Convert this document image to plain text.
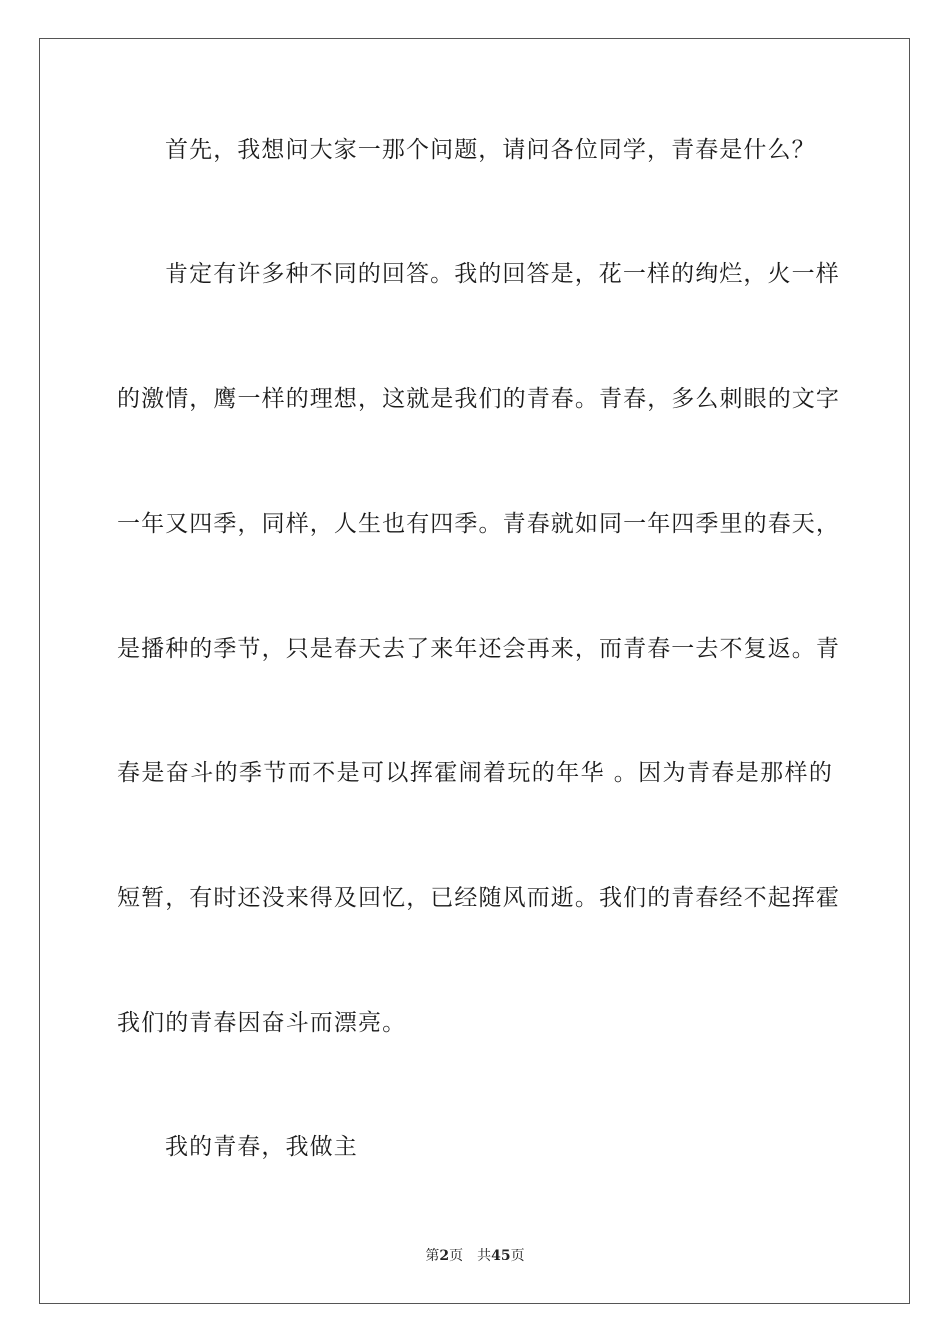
首先，我想问大家一那个问题，请问各位同学，青春是什么？
肯定有许多种不同的回答。我的回答是，花一样的绚烂，火一样
的激情，鹰一样的理想，这就是我们的青春。青春，多么刺眼的文字
一年又四季，同样，人生也有四季。青春就如同一年四季里的春天，
是播种的季节，只是春天去了来年还会再来，而青春一去不复返。青
春是奋斗的季节而不是可以挥霍闹着玩的年华 。因为青春是那样的
短暂，有时还没来得及回忆，已经随风而逝。我们的青春经不起挥霍
我们的青春因奋斗而漂亮。
我的青春，我做主
第2页 共45页
